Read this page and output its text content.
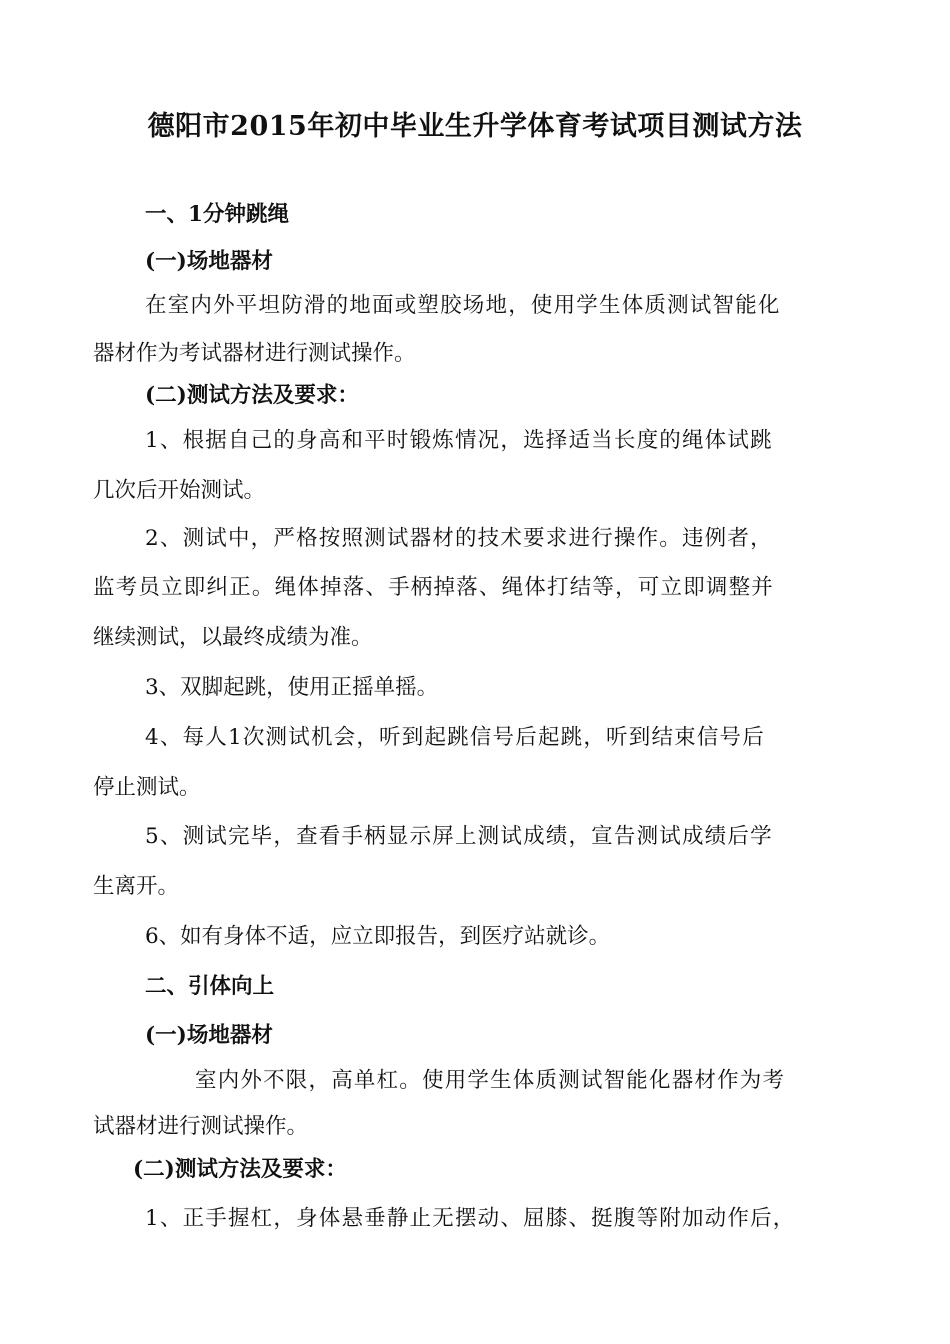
德阳市2015年初中毕业生升学体育考试项目测试方法

一、1分钟跳绳

(一)场地器材

在室内外平坦防滑的地面或塑胶场地，使用学生体质测试智能化

器材作为考试器材进行测试操作。

(二)测试方法及要求：

1、根据自己的身高和平时锻炼情况，选择适当长度的绳体试跳

几次后开始测试。

2、测试中，严格按照测试器材的技术要求进行操作。违例者，

监考员立即纠正。绳体掉落、手柄掉落、绳体打结等，可立即调整并

继续测试，以最终成绩为准。

3、双脚起跳，使用正摇单摇。

4、每人1次测试机会，听到起跳信号后起跳，听到结束信号后

停止测试。

5、测试完毕，查看手柄显示屏上测试成绩，宣告测试成绩后学

生离开。

6、如有身体不适，应立即报告，到医疗站就诊。

二、引体向上

(一)场地器材

室内外不限，高单杠。使用学生体质测试智能化器材作为考

试器材进行测试操作。

(二)测试方法及要求：

1、正手握杠，身体悬垂静止无摆动、屈膝、挺腹等附加动作后，
